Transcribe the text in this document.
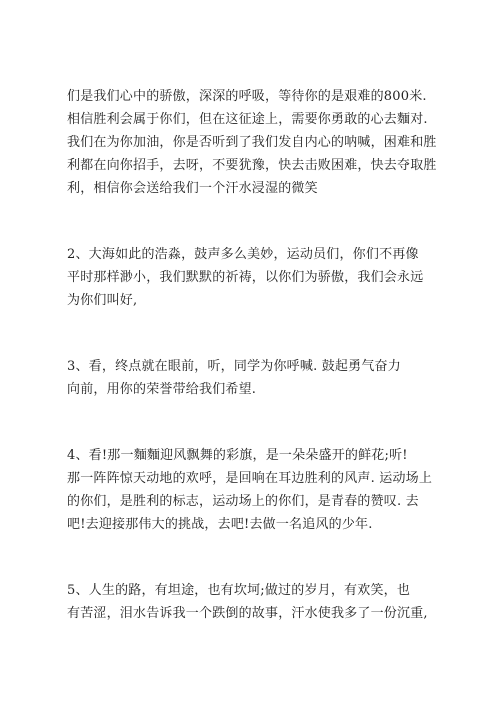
们是我们心中的骄傲，深深的呼吸，等待你的是艰难的800米.
相信胜利会属于你们，但在这征途上，需要你勇敢的心去麵对.
我们在为你加油，你是否听到了我们发自内心的呐喊，困难和胜
利都在向你招手，去呀，不要犹豫，快去击败困难，快去夺取胜
利，相信你会送给我们一个汗水浸湿的微笑
2、大海如此的浩淼，鼓声多么美妙，运动员们，你们不再像
平时那样渺小，我们默默的祈祷，以你们为骄傲，我们会永远
为你们叫好,
3、看，终点就在眼前，听，同学为你呼喊. 鼓起勇气奋力
向前，用你的荣誉带给我们希望.
4、看!那一麵麵迎风飘舞的彩旗，是一朵朵盛开的鲜花;听!
那一阵阵惊天动地的欢呼，是回响在耳边胜利的风声. 运动场上
的你们，是胜利的标志，运动场上的你们，是青春的赞叹. 去
吧!去迎接那伟大的挑战，去吧!去做一名追风的少年.
5、人生的路，有坦途，也有坎坷;做过的岁月，有欢笑，也
有苦涩，泪水告诉我一个跌倒的故事，汗水使我多了一份沉重,
